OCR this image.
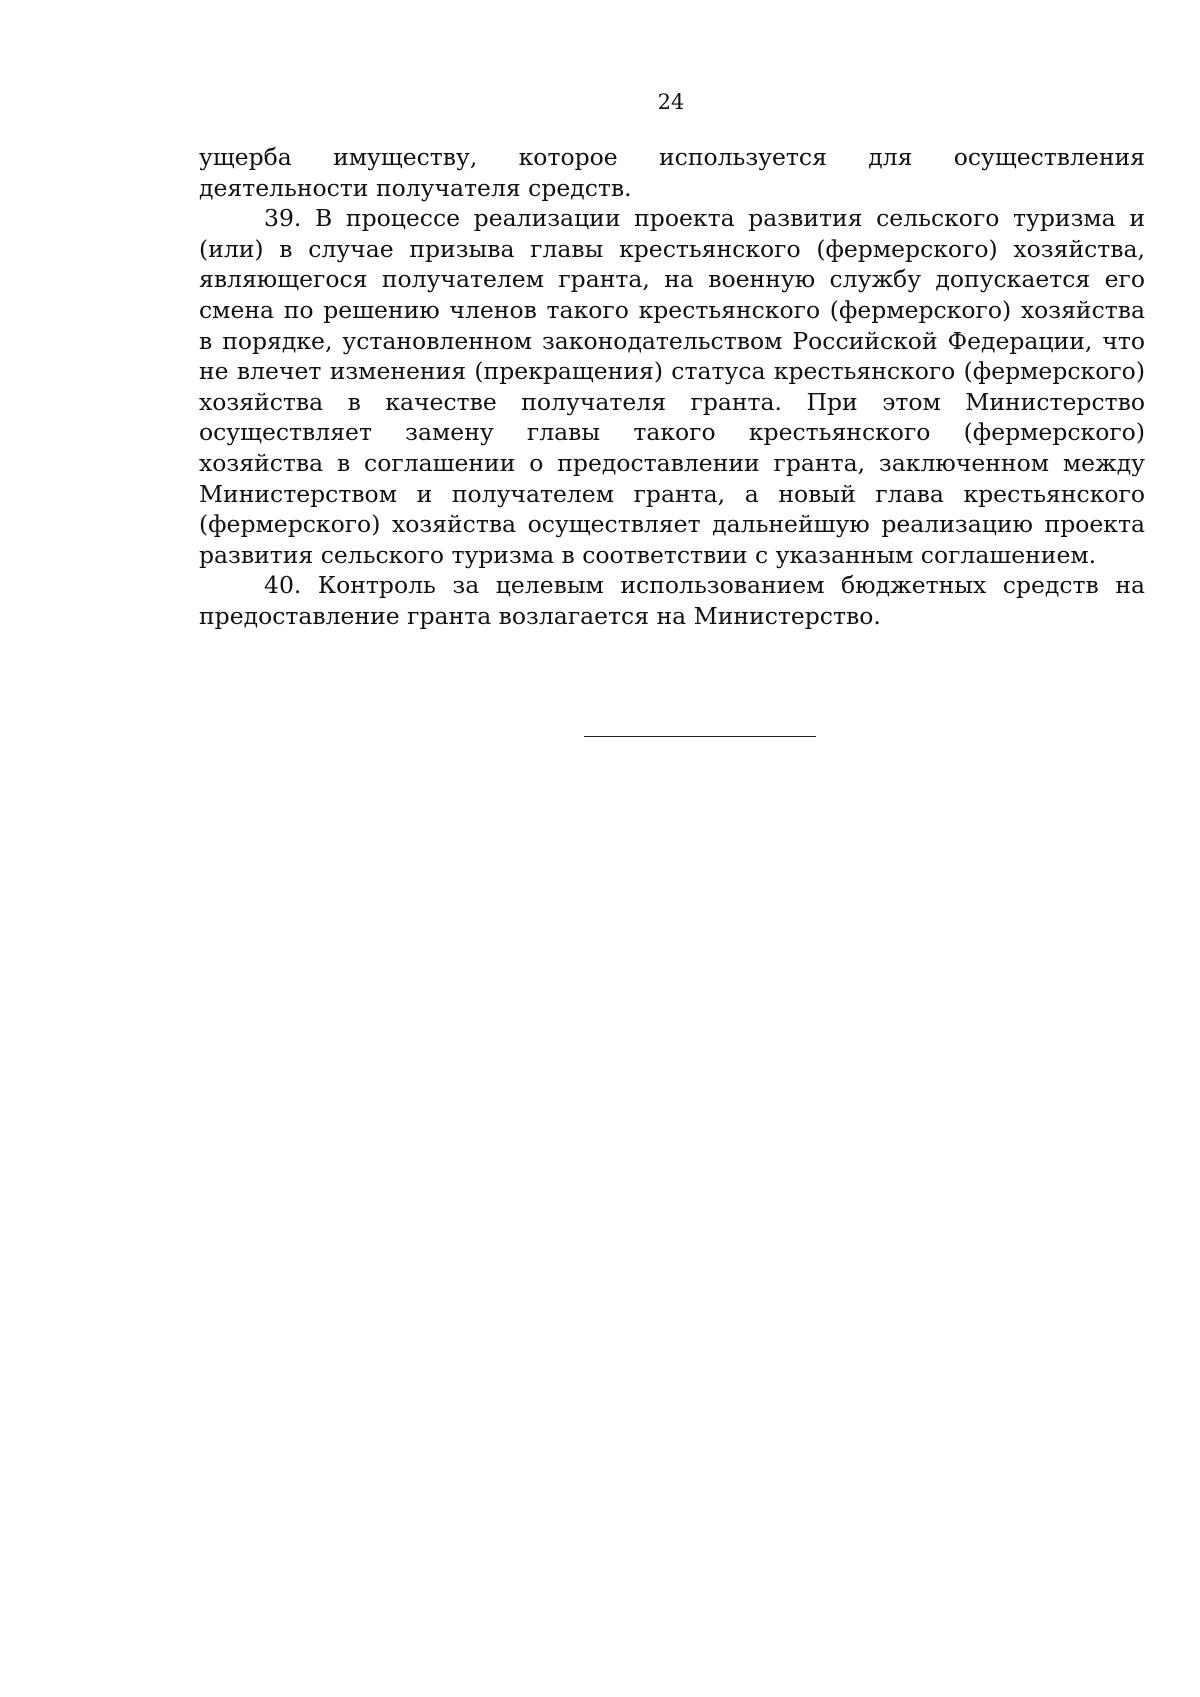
24

ущерба имуществу, которое используется для осуществления деятельности получателя средств.

39. В процессе реализации проекта развития сельского туризма и (или) в случае призыва главы крестьянского (фермерского) хозяйства, являющегося получателем гранта, на военную службу допускается его смена по решению членов такого крестьянского (фермерского) хозяйства в порядке, установленном законодательством Российской Федерации, что не влечет изменения (прекращения) статуса крестьянского (фермерского) хозяйства в качестве получателя гранта. При этом Министерство осуществляет замену главы такого крестьянского (фермерского) хозяйства в соглашении о предоставлении гранта, заключенном между Министерством и получателем гранта, а новый глава крестьянского (фермерского) хозяйства осуществляет дальнейшую реализацию проекта развития сельского туризма в соответствии с указанным соглашением.

40. Контроль за целевым использованием бюджетных средств на предоставление гранта возлагается на Министерство.
